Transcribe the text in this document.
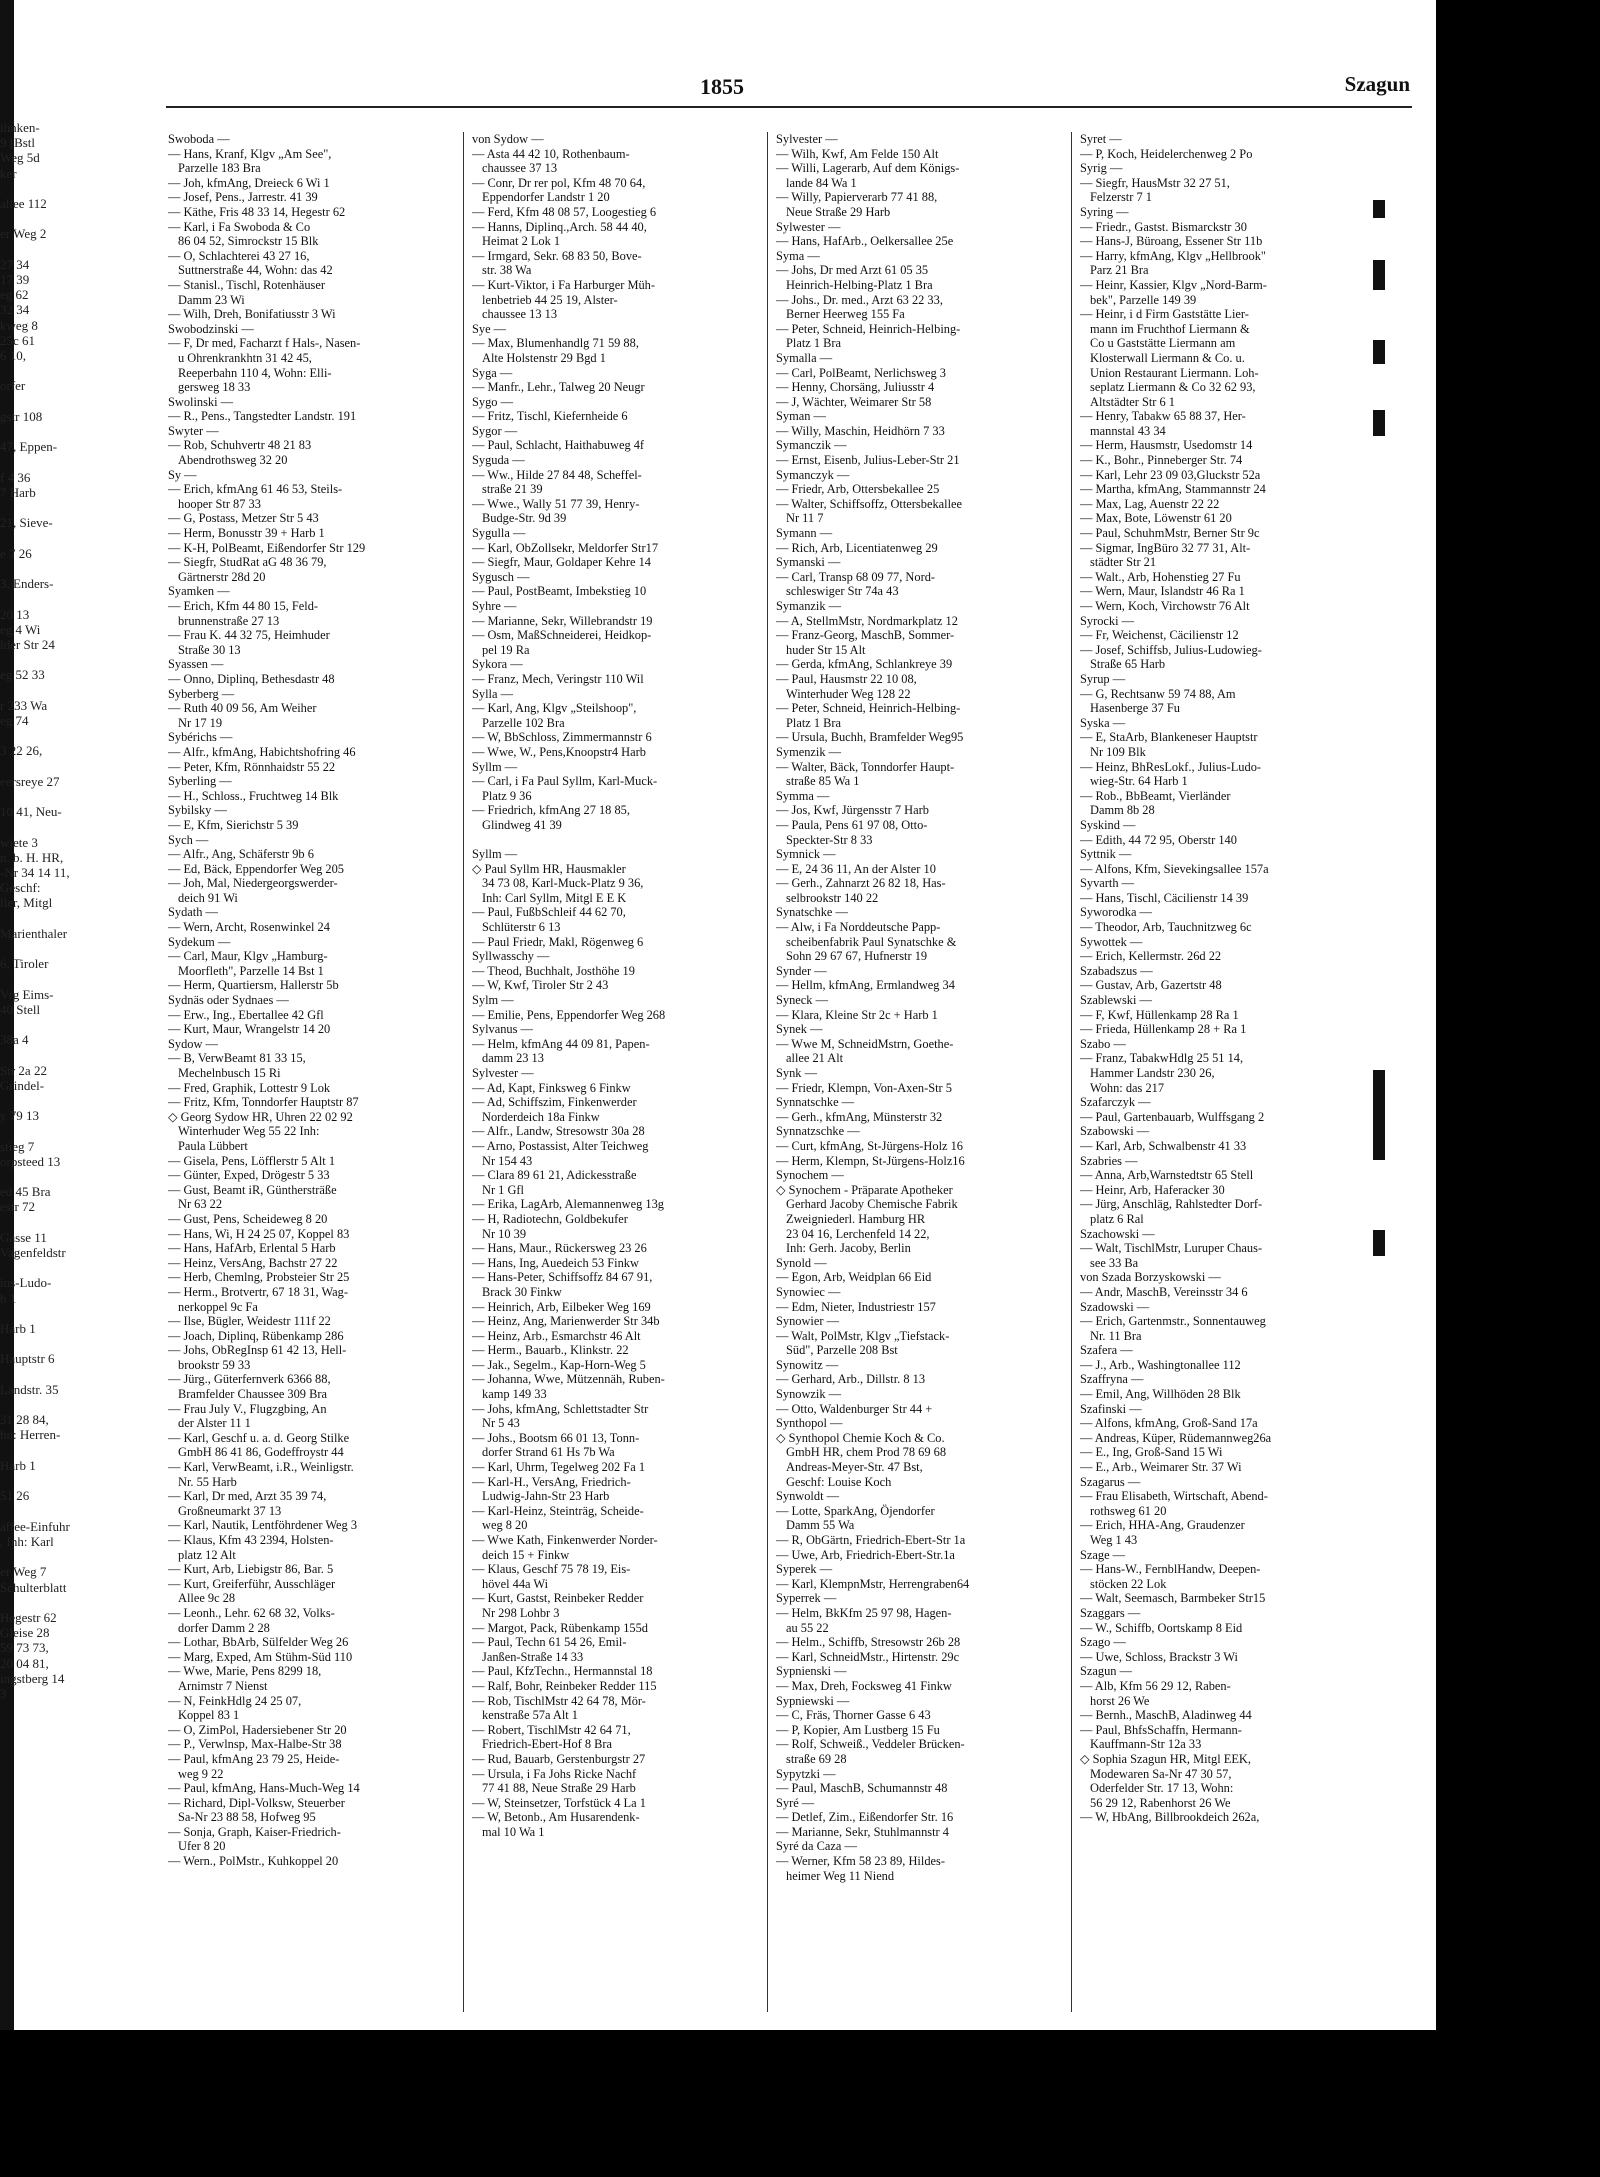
ihnken-
9 [Bstl
Weg 5d
ker

allee 112

er Weg 2

27 34
17 39
eg 62
32 34
kweg 8
25c 61
6 10,

orfer

gstr 108

47, Eppen-

f 4 36
7 Harb

21, Sieve-

e 7 26

3, Enders-

20 13
eg 4 Wi
lder Str 24

eg 52 33

r 233 Wa
eg 74

3 22 26,

eersreye 27

10 41, Neu-

wiete 3
n. b. H. HR,
-Nr 34 14 11,
Geschf:
ller, Mitgl

Marienthaler

6, Tiroler

Vrg Eims-
40 Stell

38a 4

Str 2a 22
Grindel-

y 79 13

stieg 7
orpsteed 13

ed 45 Bra
estr 72

Gasse 11
Vagenfeldstr

ius-Ludo-
b 1

Harb 1

Hauptstr 6

Landstr. 35

31 28 84,
hn: Herren-

Harb 1

51 26

affee-Einfuhr
, Inh: Karl

er Weg 7
Schulterblatt

Hegestr 62
Gleise 28
59 73 73,
20 04 81,
ingstberg 14
3
1855	Szagun
Swoboda —
— Hans, Kranf, Klgv „Am See",
Parzelle 183 Bra
— Joh, kfmAng, Dreieck 6 Wi 1
— Josef, Pens., Jarrestr. 41 39
— Käthe, Fris 48 33 14, Hegestr 62
— Karl, i Fa Swoboda & Co
86 04 52, Simrockstr 15 Blk
— O, Schlachterei 43 27 16,
Suttnerstraße 44, Wohn: das 42
— Stanisl., Tischl, Rotenhäuser
Damm 23 Wi
— Wilh, Dreh, Bonifatiusstr 3 Wi
Swobodzinski —
— F, Dr med, Facharzt f Hals-, Nasen-
u Ohrenkrankhtn 31 42 45,
Reeperbahn 110 4, Wohn: Elli-
gersweg 18 33
Swolinski —
— R., Pens., Tangstedter Landstr. 191
Swyter —
— Rob, Schuhvertr 48 21 83
Abendrothsweg 32 20
Sy —
— Erich, kfmAng 61 46 53, Steils-
hooper Str 87 33
— G, Postass, Metzer Str 5 43
— Herm, Bonusstr 39 + Harb 1
— K-H, PolBeamt, Eißendorfer Str 129
— Siegfr, StudRat aG 48 36 79,
Gärtnerstr 28d 20
Syamken —
— Erich, Kfm 44 80 15, Feld-
brunnenstraße 27 13
— Frau K. 44 32 75, Heimhuder
Straße 30 13
Syassen —
— Onno, Diplinq, Bethesdastr 48
Syberberg —
— Ruth 40 09 56, Am Weiher
Nr 17 19
Sybérichs —
— Alfr., kfmAng, Habichtshofring 46
— Peter, Kfm, Rönnhaidstr 55 22
Syberling —
— H., Schloss., Fruchtweg 14 Blk
Sybilsky —
— E, Kfm, Sierichstr 5 39
Sych —
— Alfr., Ang, Schäferstr 9b 6
— Ed, Bäck, Eppendorfer Weg 205
— Joh, Mal, Niedergeorgswerder-
deich 91 Wi
Sydath —
— Wern, Archt, Rosenwinkel 24
Sydekum —
— Carl, Maur, Klgv „Hamburg-
Moorfleth", Parzelle 14 Bst 1
— Herm, Quartiersm, Hallerstr 5b
Sydnäs oder Sydnaes —
— Erw., Ing., Ebertallee 42 Gfl
— Kurt, Maur, Wrangelstr 14 20
Sydow —
— B, VerwBeamt 81 33 15,
Mechelnbusch 15 Ri
— Fred, Graphik, Lottestr 9 Lok
— Fritz, Kfm, Tonndorfer Hauptstr 87
◇ Georg Sydow HR, Uhren 22 02 92
Winterhuder Weg 55 22 Inh:
Paula Lübbert
— Gisela, Pens, Löfflerstr 5 Alt 1
— Günter, Exped, Drögestr 5 33
— Gust, Beamt iR, Günthersträße
Nr 63 22
— Gust, Pens, Scheideweg 8 20
— Hans, Wi, H 24 25 07, Koppel 83
— Hans, HafArb, Erlental 5 Harb
— Heinz, VersAng, Bachstr 27 22
— Herb, Chemlng, Probsteier Str 25
— Herm., Brotvertr, 67 18 31, Wag-
nerkoppel 9c Fa
— Ilse, Bügler, Weidestr 111f 22
— Joach, Diplinq, Rübenkamp 286
— Johs, ObRegInsp 61 42 13, Hell-
brookstr 59 33
— Jürg., Güterfernverk 6366 88,
Bramfelder Chaussee 309 Bra
— Frau July V., Flugzgbing, An
der Alster 11 1
— Karl, Geschf u. a. d. Georg Stilke
GmbH 86 41 86, Godeffroystr 44
— Karl, VerwBeamt, i.R., Weinligstr.
Nr. 55 Harb
— Karl, Dr med, Arzt 35 39 74,
Großneumarkt 37 13
— Karl, Nautik, Lentföhrdener Weg 3
— Klaus, Kfm 43 2394, Holsten-
platz 12 Alt
— Kurt, Arb, Liebigstr 86, Bar. 5
— Kurt, Greiferführ, Ausschläger
Allee 9c 28
— Leonh., Lehr. 62 68 32, Volks-
dorfer Damm 2 28
— Lothar, BbArb, Sülfelder Weg 26
— Marg, Exped, Am Stühm-Süd 110
— Wwe, Marie, Pens 8299 18,
Arnimstr 7 Nienst
— N, FeinkHdlg 24 25 07,
Koppel 83 1
— O, ZimPol, Hadersiebener Str 20
— P., Verwlnsp, Max-Halbe-Str 38
— Paul, kfmAng 23 79 25, Heide-
weg 9 22
— Paul, kfmAng, Hans-Much-Weg 14
— Richard, Dipl-Volksw, Steuerber
Sa-Nr 23 88 58, Hofweg 95
— Sonja, Graph, Kaiser-Friedrich-
Ufer 8 20
— Wern., PolMstr., Kuhkoppel 20
von Sydow —
— Asta 44 42 10, Rothenbaum-
chaussee 37 13
— Conr, Dr rer pol, Kfm 48 70 64,
Eppendorfer Landstr 1 20
— Ferd, Kfm 48 08 57, Loogestieg 6
— Hanns, Diplinq.,Arch. 58 44 40,
Heimat 2 Lok 1
— Irmgard, Sekr. 68 83 50, Bove-
str. 38 Wa
— Kurt-Viktor, i Fa Harburger Müh-
lenbetrieb 44 25 19, Alster-
chaussee 13 13
Sye —
— Max, Blumenhandlg 71 59 88,
Alte Holstenstr 29 Bgd 1
Syga —
— Manfr., Lehr., Talweg 20 Neugr
Sygo —
— Fritz, Tischl, Kiefernheide 6
Sygor —
— Paul, Schlacht, Haithabuweg 4f
Syguda —
— Ww., Hilde 27 84 48, Scheffel-
straße 21 39
— Wwe., Wally 51 77 39, Henry-
Budge-Str. 9d 39
Sygulla —
— Karl, ObZollsekr, Meldorfer Str17
— Siegfr, Maur, Goldaper Kehre 14
Sygusch —
— Paul, PostBeamt, Imbekstieg 10
Syhre —
— Marianne, Sekr, Willebrandstr 19
— Osm, MaßSchneiderei, Heidkop-
pel 19 Ra
Sykora —
— Franz, Mech, Veringstr 110 Wil
Sylla —
— Karl, Ang, Klgv „Steilshoop",
Parzelle 102 Bra
— W, BbSchloss, Zimmermannstr 6
— Wwe, W., Pens,Knoopstr4 Harb
Syllm —
— Carl, i Fa Paul Syllm, Karl-Muck-
Platz 9 36
— Friedrich, kfmAng 27 18 85,
Glindweg 41 39

Syllm —
◇ Paul Syllm HR, Hausmakler
34 73 08, Karl-Muck-Platz 9 36,
Inh: Carl Syllm, Mitgl E E K
— Paul, FußbSchleif 44 62 70,
Schlüterstr 6 13
— Paul Friedr, Makl, Rögenweg 6
Syllwasschy —
— Theod, Buchhalt, Josthöhe 19
— W, Kwf, Tiroler Str 2 43
Sylm —
— Emilie, Pens, Eppendorfer Weg 268
Sylvanus —
— Helm, kfmAng 44 09 81, Papen-
damm 23 13
Sylvester —
— Ad, Kapt, Finksweg 6 Finkw
— Ad, Schiffszim, Finkenwerder
Norderdeich 18a Finkw
— Alfr., Landw, Stresowstr 30a 28
— Arno, Postassist, Alter Teichweg
Nr 154 43
— Clara 89 61 21, Adickesstraße
Nr 1 Gfl
— Erika, LagArb, Alemannenweg 13g
— H, Radiotechn, Goldbekufer
Nr 10 39
— Hans, Maur., Rückersweg 23 26
— Hans, Ing, Auedeich 53 Finkw
— Hans-Peter, Schiffsoffz 84 67 91,
Brack 30 Finkw
— Heinrich, Arb, Eilbeker Weg 169
— Heinz, Ang, Marienwerder Str 34b
— Heinz, Arb., Esmarchstr 46 Alt
— Herm., Bauarb., Klinkstr. 22
— Jak., Segelm., Kap-Horn-Weg 5
— Johanna, Wwe, Mützennäh, Ruben-
kamp 149 33
— Johs, kfmAng, Schlettstadter Str
Nr 5 43
— Johs., Bootsm 66 01 13, Tonn-
dorfer Strand 61 Hs 7b Wa
— Karl, Uhrm, Tegelweg 202 Fa 1
— Karl-H., VersAng, Friedrich-
Ludwig-Jahn-Str 23 Harb
— Karl-Heinz, Steinträg, Scheide-
weg 8 20
— Wwe Kath, Finkenwerder Norder-
deich 15 + Finkw
— Klaus, Geschf 75 78 19, Eis-
hövel 44a Wi
— Kurt, Gastst, Reinbeker Redder
Nr 298 Lohbr 3
— Margot, Pack, Rübenkamp 155d
— Paul, Techn 61 54 26, Emil-
Janßen-Straße 14 33
— Paul, KfzTechn., Hermannstal 18
— Ralf, Bohr, Reinbeker Redder 115
— Rob, TischlMstr 42 64 78, Mör-
kenstraße 57a Alt 1
— Robert, TischlMstr 42 64 71,
Friedrich-Ebert-Hof 8 Bra
— Rud, Bauarb, Gerstenburgstr 27
— Ursula, i Fa Johs Ricke Nachf
77 41 88, Neue Straße 29 Harb
— W, Steinsetzer, Torfstück 4 La 1
— W, Betonb., Am Husarendenk-
mal 10 Wa 1
Sylvester —
— Wilh, Kwf, Am Felde 150 Alt
— Willi, Lagerarb, Auf dem Königs-
lande 84 Wa 1
— Willy, Papierverarb 77 41 88,
Neue Straße 29 Harb
Sylwester —
— Hans, HafArb., Oelkersallee 25e
Syma —
— Johs, Dr med Arzt 61 05 35
Heinrich-Helbing-Platz 1 Bra
— Johs., Dr. med., Arzt 63 22 33,
Berner Heerweg 155 Fa
— Peter, Schneid, Heinrich-Helbing-
Platz 1 Bra
Symalla —
— Carl, PolBeamt, Nerlichsweg 3
— Henny, Chorsäng, Juliusstr 4
— J, Wächter, Weimarer Str 58
Syman —
— Willy, Maschin, Heidhörn 7 33
Symanczik —
— Ernst, Eisenb, Julius-Leber-Str 21
Symanczyk —
— Friedr, Arb, Ottersbekallee 25
— Walter, Schiffsoffz, Ottersbekallee
Nr 11 7
Symann —
— Rich, Arb, Licentiatenweg 29
Symanski —
— Carl, Transp 68 09 77, Nord-
schleswiger Str 74a 43
Symanzik —
— A, StellmMstr, Nordmarkplatz 12
— Franz-Georg, MaschB, Sommer-
huder Str 15 Alt
— Gerda, kfmAng, Schlankreye 39
— Paul, Hausmstr 22 10 08,
Winterhuder Weg 128 22
— Peter, Schneid, Heinrich-Helbing-
Platz 1 Bra
— Ursula, Buchh, Bramfelder Weg95
Symenzik —
— Walter, Bäck, Tonndorfer Haupt-
straße 85 Wa 1
Symma —
— Jos, Kwf, Jürgensstr 7 Harb
— Paula, Pens 61 97 08, Otto-
Speckter-Str 8 33
Symnick —
— E, 24 36 11, An der Alster 10
— Gerh., Zahnarzt 26 82 18, Has-
selbrookstr 140 22
Synatschke —
— Alw, i Fa Norddeutsche Papp-
scheibenfabrik Paul Synatschke &
Sohn 29 67 67, Hufnerstr 19
Synder —
— Hellm, kfmAng, Ermlandweg 34
Syneck —
— Klara, Kleine Str 2c + Harb 1
Synek —
— Wwe M, SchneidMstrn, Goethe-
allee 21 Alt
Synk —
— Friedr, Klempn, Von-Axen-Str 5
Synnatschke —
— Gerh., kfmAng, Münsterstr 32
Synnatzschke —
— Curt, kfmAng, St-Jürgens-Holz 16
— Herm, Klempn, St-Jürgens-Holz16
Synochem —
◇ Synochem - Präparate Apotheker
Gerhard Jacoby Chemische Fabrik
Zweigniederl. Hamburg HR
23 04 16, Lerchenfeld 14 22,
Inh: Gerh. Jacoby, Berlin
Synold —
— Egon, Arb, Weidplan 66 Eid
Synowiec —
— Edm, Nieter, Industriestr 157
Synowier —
— Walt, PolMstr, Klgv „Tiefstack-
Süd", Parzelle 208 Bst
Synowitz —
— Gerhard, Arb., Dillstr. 8 13
Synowzik —
— Otto, Waldenburger Str 44 +
Synthopol —
◇ Synthopol Chemie Koch & Co.
GmbH HR, chem Prod 78 69 68
Andreas-Meyer-Str. 47 Bst,
Geschf: Louise Koch
Synwoldt —
— Lotte, SparkAng, Öjendorfer
Damm 55 Wa
— R, ObGärtn, Friedrich-Ebert-Str 1a
— Uwe, Arb, Friedrich-Ebert-Str.1a
Syperek —
— Karl, KlempnMstr, Herrengraben64
Syperrek —
— Helm, BkKfm 25 97 98, Hagen-
au 55 22
— Helm., Schiffb, Stresowstr 26b 28
— Karl, SchneidMstr., Hirtenstr. 29c
Sypnienski —
— Max, Dreh, Focksweg 41 Finkw
Sypniewski —
— C, Fräs, Thorner Gasse 6 43
— P, Kopier, Am Lustberg 15 Fu
— Rolf, Schweiß., Veddeler Brücken-
straße 69 28
Sypytzki —
— Paul, MaschB, Schumannstr 48
Syré —
— Detlef, Zim., Eißendorfer Str. 16
— Marianne, Sekr, Stuhlmannstr 4
Syré da Caza —
— Werner, Kfm 58 23 89, Hildes-
heimer Weg 11 Niend
Syret —
— P, Koch, Heidelerchenweg 2 Po
Syrig —
— Siegfr, HausMstr 32 27 51,
Felzerstr 7 1
Syring —
— Friedr., Gastst. Bismarckstr 30
— Hans-J, Büroang, Essener Str 11b
— Harry, kfmAng, Klgv „Hellbrook"
Parz 21 Bra
— Heinr, Kassier, Klgv „Nord-Barm-
bek", Parzelle 149 39
— Heinr, i d Firm Gaststätte Lier-
mann im Fruchthof Liermann &
Co u Gaststätte Liermann am
Klosterwall Liermann & Co. u.
Union Restaurant Liermann. Loh-
seplatz Liermann & Co 32 62 93,
Altstädter Str 6 1
— Henry, Tabakw 65 88 37, Her-
mannstal 43 34
— Herm, Hausmstr, Usedomstr 14
— K., Bohr., Pinneberger Str. 74
— Karl, Lehr 23 09 03,Gluckstr 52a
— Martha, kfmAng, Stammannstr 24
— Max, Lag, Auenstr 22 22
— Max, Bote, Löwenstr 61 20
— Paul, SchuhmMstr, Berner Str 9c
— Sigmar, IngBüro 32 77 31, Alt-
städter Str 21
— Walt., Arb, Hohenstieg 27 Fu
— Wern, Maur, Islandstr 46 Ra 1
— Wern, Koch, Virchowstr 76 Alt
Syrocki —
— Fr, Weichenst, Cäcilienstr 12
— Josef, Schiffsb, Julius-Ludowieg-
Straße 65 Harb
Syrup —
— G, Rechtsanw 59 74 88, Am
Hasenberge 37 Fu
Syska —
— E, StaArb, Blankeneser Hauptstr
Nr 109 Blk
— Heinz, BhResLokf., Julius-Ludo-
wieg-Str. 64 Harb 1
— Rob., BbBeamt, Vierländer
Damm 8b 28
Syskind —
— Edith, 44 72 95, Oberstr 140
Syttnik —
— Alfons, Kfm, Sievekingsallee 157a
Syvarth —
— Hans, Tischl, Cäcilienstr 14 39
Syworodka —
— Theodor, Arb, Tauchnitzweg 6c
Sywottek —
— Erich, Kellermstr. 26d 22
Szabadszus —
— Gustav, Arb, Gazertstr 48
Szablewski —
— F, Kwf, Hüllenkamp 28 Ra 1
— Frieda, Hüllenkamp 28 + Ra 1
Szabo —
— Franz, TabakwHdlg 25 51 14,
Hammer Landstr 230 26,
Wohn: das 217
Szafarczyk —
— Paul, Gartenbauarb, Wulffsgang 2
Szabowski —
— Karl, Arb, Schwalbenstr 41 33
Szabries —
— Anna, Arb,Warnstedtstr 65 Stell
— Heinr, Arb, Haferacker 30
— Jürg, Anschläg, Rahlstedter Dorf-
platz 6 Ral
Szachowski —
— Walt, TischlMstr, Luruper Chaus-
see 33 Ba
von Szada Borzyskowski —
— Andr, MaschB, Vereinsstr 34 6
Szadowski —
— Erich, Gartenmstr., Sonnentauweg
Nr. 11 Bra
Szafera —
— J., Arb., Washingtonallee 112
Szaffryna —
— Emil, Ang, Willhöden 28 Blk
Szafinski —
— Alfons, kfmAng, Groß-Sand 17a
— Andreas, Küper, Rüdemannweg26a
— E., Ing, Groß-Sand 15 Wi
— E., Arb., Weimarer Str. 37 Wi
Szagarus —
— Frau Elisabeth, Wirtschaft, Abend-
rothsweg 61 20
— Erich, HHA-Ang, Graudenzer
Weg 1 43
Szage —
— Hans-W., FernblHandw, Deepen-
stöcken 22 Lok
— Walt, Seemasch, Barmbeker Str15
Szaggars —
— W., Schiffb, Oortskamp 8 Eid
Szago —
— Uwe, Schloss, Brackstr 3 Wi
Szagun —
— Alb, Kfm 56 29 12, Raben-
horst 26 We
— Bernh., MaschB, Aladinweg 44
— Paul, BhfsSchaffn, Hermann-
Kauffmann-Str 12a 33
◇ Sophia Szagun HR, Mitgl EEK,
Modewaren Sa-Nr 47 30 57,
Oderfelder Str. 17 13, Wohn:
56 29 12, Rabenhorst 26 We
— W, HbAng, Billbrookdeich 262a,
